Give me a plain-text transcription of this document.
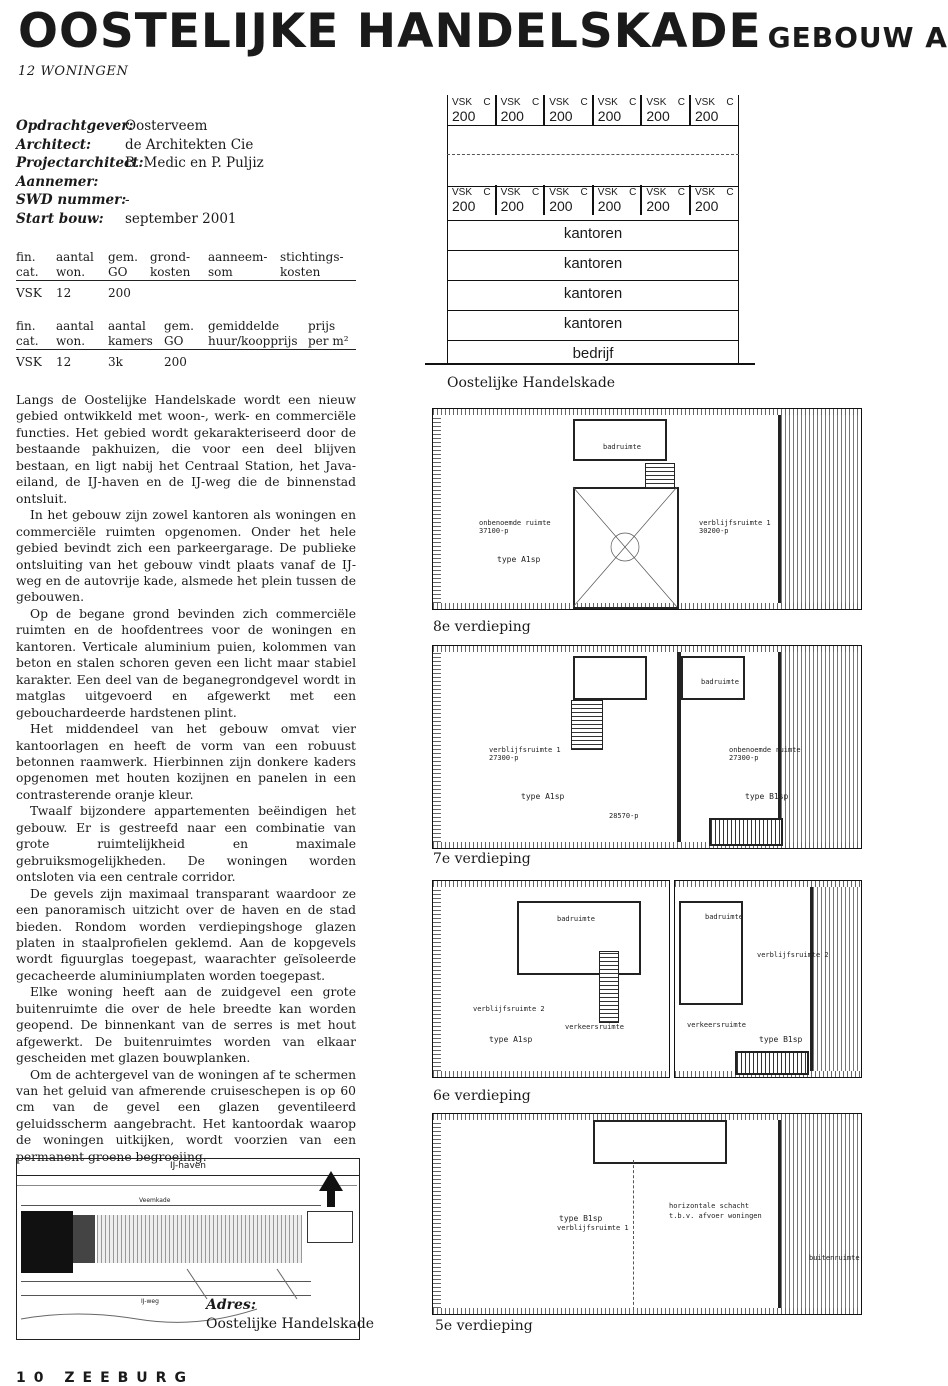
OOSTELIJKE HANDELSKADE GEBOUW A
12 WONINGEN
Opdrachtgever:
Oosterveem
Architect:	de Architekten Cie
Projectarchitect:
B. Medic en P. Puljiz
Aannemer:
SWD nummer:
-
Start bouw: september 2001
fin. cat.	aantal won.	gem. GO	grond- kosten	aanneem- som	stichtings- kosten
VSK	12	200			
fin. cat.	aantal won.	aantal kamers	gem. GO	gemiddelde huur/koopprijs	prijs per m²
VSK	12	3k	200		

Langs de Oostelijke Handelskade wordt een nieuw gebied ontwikkeld met woon-, werk- en commerciële functies. Het gebied wordt gekarakteriseerd door de bestaande pakhuizen, die voor een deel blijven bestaan, en ligt nabij het Centraal Station, het Java-eiland, de IJ-haven en de IJ-weg die de binnenstad ontsluit.

In het gebouw zijn zowel kantoren als woningen en commerciële ruimten opgenomen. Onder het hele gebied bevindt zich een parkeergarage. De publieke ontsluiting van het gebouw vindt plaats vanaf de IJ-weg en de autovrije kade, alsmede het plein tussen de gebouwen.

Op de begane grond bevinden zich commerciële ruimten en de hoofdentrees voor de woningen en kantoren. Verticale aluminium puien, kolommen van beton en stalen schoren geven een licht maar stabiel karakter. Een deel van de beganegrondgevel wordt in matglas uitgevoerd en afgewerkt met een gebouchardeerde hardstenen plint.

Het middendeel van het gebouw omvat vier kantoorlagen en heeft de vorm van een robuust betonnen raamwerk. Hierbinnen zijn donkere kaders opgenomen met houten kozijnen en panelen in een contrasterende oranje kleur.

Twaalf bijzondere appartementen beëindigen het gebouw. Er is gestreefd naar een combinatie van grote ruimtelijkheid en maximale gebruiksmogelijkheden. De woningen worden ontsloten via een centrale corridor.

De gevels zijn maximaal transparant waardoor ze een panoramisch uitzicht over de haven en de stad bieden. Rondom worden verdiepingshoge glazen platen in staalprofielen geklemd. Aan de kopgevels wordt figuurglas toegepast, waarachter geïsoleerde gecacheerde aluminiumplaten worden toegepast.

Elke woning heeft aan de zuidgevel een grote buitenruimte die over de hele breedte kan worden geopend. De binnenkant van de serres is met hout afgewerkt. De buitenruimtes worden van elkaar gescheiden met glazen bouwplanken.

Om de achtergevel van de woningen af te schermen van het geluid van afmerende cruiseschepen is op 60 cm van de gevel een glazen geventileerd geluidsscherm aangebracht. Het kantoordak waarop de woningen uitkijken, wordt voorzien van een permanent groene begroeiing.

IJ-haven
Veemkade
IJ-weg	Adres:
Oostelijke Handelskade
VSK C
200
VSK C
200
VSK C
200
VSK C
200
VSK C
200
VSK C
200
VSK C
200
VSK C
200
VSK C
200
VSK C
200
VSK C
200
VSK C
200
kantoren
kantoren
kantoren
kantoren
bedrijf
Oostelijke Handelskade
badruimte
onbenoemde ruimte
37100-p
verblijfsruimte 1
30200-p
type A1sp
8e verdieping
badruimte
verblijfsruimte 1
27300-p
onbenoemde ruimte
27300-p
type A1sp	type B1sp
28570-p
7e verdieping
badruimte
verblijfsruimte 2
verkeersruimte
type A1sp
badruimte
verblijfsruimte 2
verkeersruimte
type B1sp
6e verdieping
type B1sp
verblijfsruimte 1
horizontale schacht
t.b.v. afvoer woningen
buitenruimte
5e verdieping
10 ZEEBURG
